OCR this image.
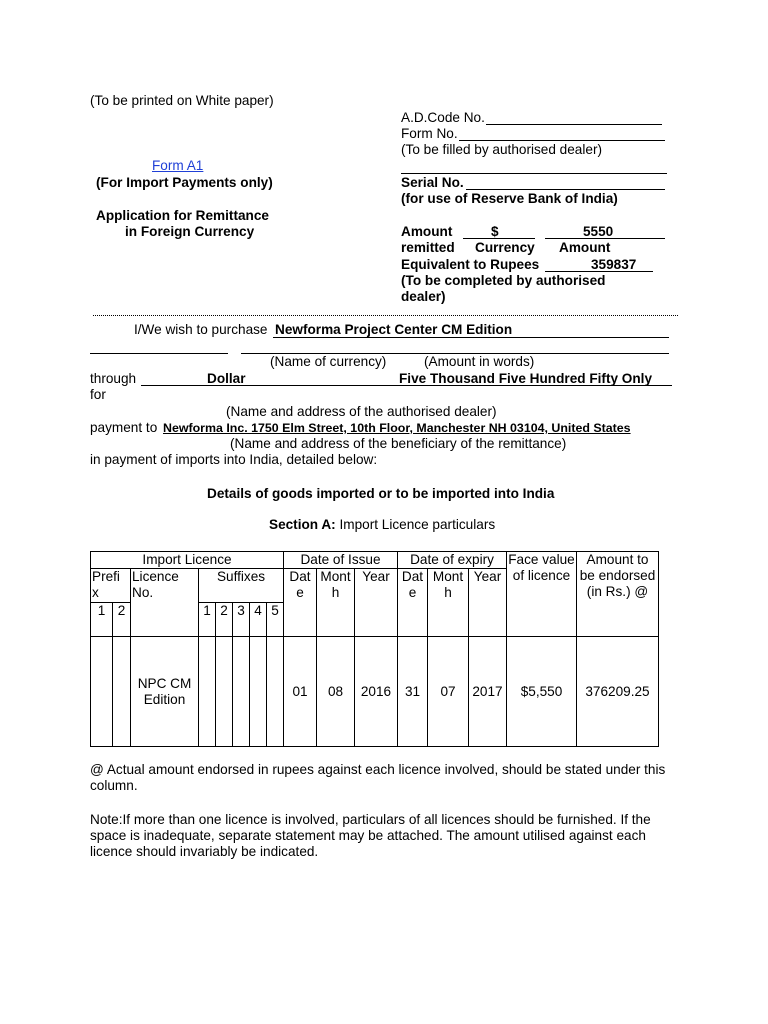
(To be printed on White paper)
Form A1
(For Import Payments only)
Application for Remittance
in Foreign Currency
A.D.Code No.
Form No.
(To be filled by authorised dealer)
Serial No.
(for use of Reserve Bank of India)
Amount	$	5550
remitted Currency Amount
Equivalent to Rupees	359837
(To be completed by authorised
dealer)
I/We wish to purchase Newforma Project Center CM Edition
(Name of currency)	(Amount in words)
through	Dollar	Five Thousand Five Hundred Fifty Only
for
(Name and address of the authorised dealer)
payment to Newforma Inc. 1750 Elm Street, 10th Floor, Manchester NH 03104, United States
(Name and address of the beneficiary of the remittance)
in payment of imports into India, detailed below:
Details of goods imported or to be imported into India
Section A: Import Licence particulars
Import Licence								Date of Issue			Date of expiry			Face value of licence	Amount to be endorsed (in Rs.) @
Prefi x		Licence No.	Suffixes					Dat e	Mont h	Year	Dat e	Mont h	Year		
1	2		1	2	3	4	5								
		NPC CM Edition						01	08	2016	31	07	2017	$5,550	376209.25
@ Actual amount endorsed in rupees against each licence involved, should be stated under this column.
Note:If more than one licence is involved, particulars of all licences should be furnished. If the space is inadequate, separate statement may be attached. The amount utilised against each licence should invariably be indicated.
